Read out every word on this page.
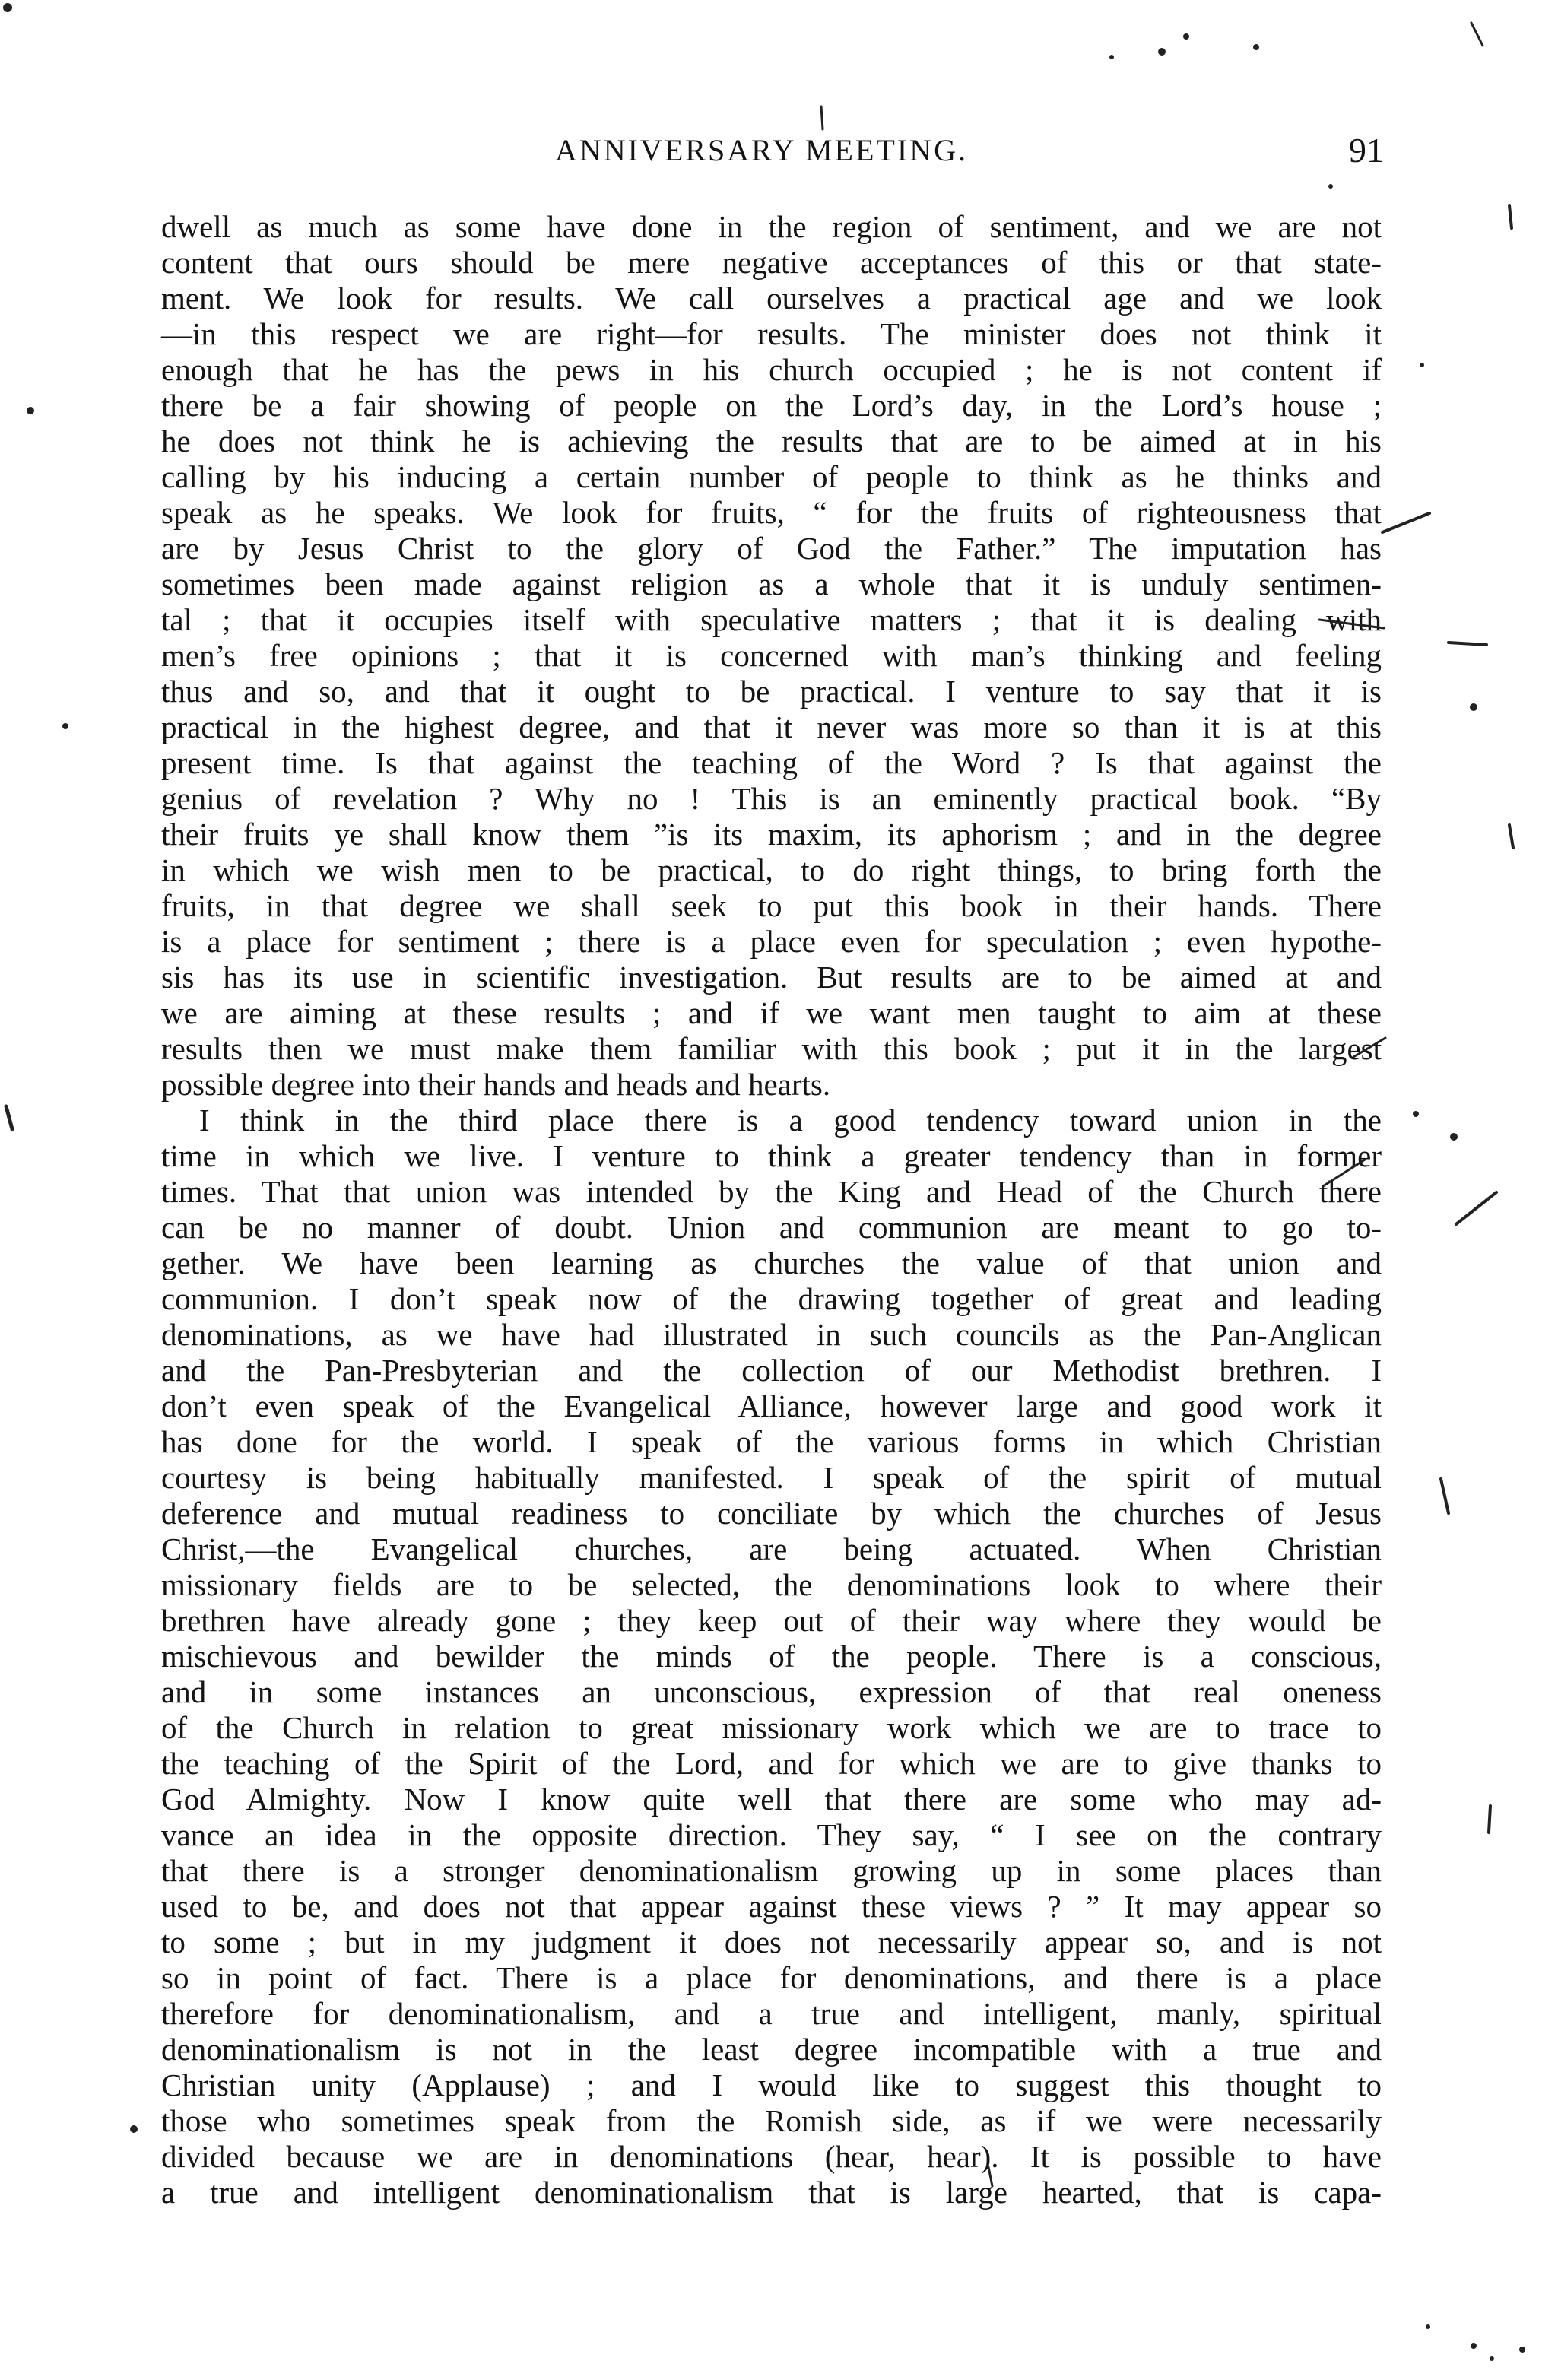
ANNIVERSARY MEETING.	91
dwell as much as some have done in the region of sentiment, and we are not
content that ours should be mere negative acceptances of this or that state-
ment. We look for results. We call ourselves a practical age and we look
—in this respect we are right—for results. The minister does not think it
enough that he has the pews in his church occupied ; he is not content if
there be a fair showing of people on the Lord’s day, in the Lord’s house ;
he does not think he is achieving the results that are to be aimed at in his
calling by his inducing a certain number of people to think as he thinks and
speak as he speaks. We look for fruits, “ for the fruits of righteousness that
are by Jesus Christ to the glory of God the Father.” The imputation has
sometimes been made against religion as a whole that it is unduly sentimen-
tal ; that it occupies itself with speculative matters ; that it is dealing with
men’s free opinions ; that it is concerned with man’s thinking and feeling
thus and so, and that it ought to be practical. I venture to say that it is
practical in the highest degree, and that it never was more so than it is at this
present time. Is that against the teaching of the Word ? Is that against the
genius of revelation ? Why no ! This is an eminently practical book. “By
their fruits ye shall know them ”is its maxim, its aphorism ; and in the degree
in which we wish men to be practical, to do right things, to bring forth the
fruits, in that degree we shall seek to put this book in their hands. There
is a place for sentiment ; there is a place even for speculation ; even hypothe-
sis has its use in scientific investigation. But results are to be aimed at and
we are aiming at these results ; and if we want men taught to aim at these
results then we must make them familiar with this book ; put it in the largest
possible degree into their hands and heads and hearts.
I think in the third place there is a good tendency toward union in the
time in which we live. I venture to think a greater tendency than in former
times. That that union was intended by the King and Head of the Church there
can be no manner of doubt. Union and communion are meant to go to-
gether. We have been learning as churches the value of that union and
communion. I don’t speak now of the drawing together of great and leading
denominations, as we have had illustrated in such councils as the Pan-Anglican
and the Pan-Presbyterian and the collection of our Methodist brethren. I
don’t even speak of the Evangelical Alliance, however large and good work it
has done for the world. I speak of the various forms in which Christian
courtesy is being habitually manifested. I speak of the spirit of mutual
deference and mutual readiness to conciliate by which the churches of Jesus
Christ,—the Evangelical churches, are being actuated. When Christian
missionary fields are to be selected, the denominations look to where their
brethren have already gone ; they keep out of their way where they would be
mischievous and bewilder the minds of the people. There is a conscious,
and in some instances an unconscious, expression of that real oneness
of the Church in relation to great missionary work which we are to trace to
the teaching of the Spirit of the Lord, and for which we are to give thanks to
God Almighty. Now I know quite well that there are some who may ad-
vance an idea in the opposite direction. They say, “ I see on the contrary
that there is a stronger denominationalism growing up in some places than
used to be, and does not that appear against these views ? ” It may appear so
to some ; but in my judgment it does not necessarily appear so, and is not
so in point of fact. There is a place for denominations, and there is a place
therefore for denominationalism, and a true and intelligent, manly, spiritual
denominationalism is not in the least degree incompatible with a true and
Christian unity (Applause) ; and I would like to suggest this thought to
those who sometimes speak from the Romish side, as if we were necessarily
divided because we are in denominations (hear, hear). It is possible to have
a true and intelligent denominationalism that is large hearted, that is capa-
